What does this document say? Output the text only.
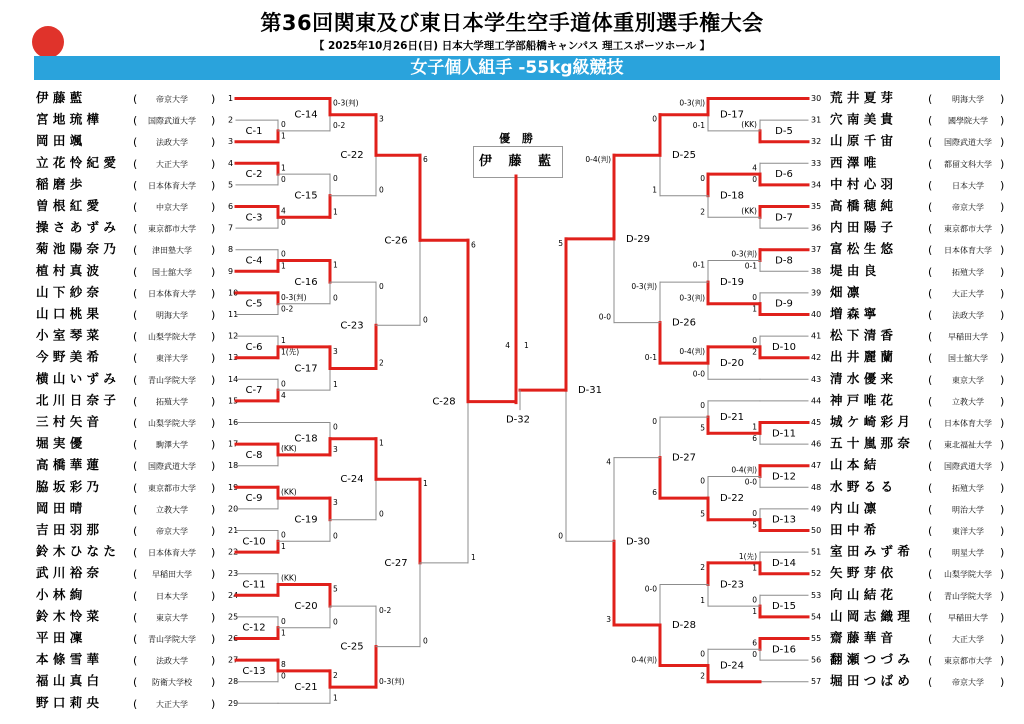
第36回関東及び東日本学生空手道体重別選手権大会
【 2025年10月26日(日) 日本大学理工学部船橋キャンパス 理工スポーツホール 】
女子個人組手 -55kg級競技
優 勝
伊 藤 藍
伊 藤 藍	( 帝京大学 ) 1
宮 地 琉 樺	( 国際武道大学 ) 2
岡 田 颯	( 法政大学 ) 3
立 花 怜 紀 愛 ( 大正大学 ) 4
稲 磨 歩	( 日本体育大学 ) 5
曽 根 紅 愛	( 中京大学 ) 6
操 さ あ ず み ( 東京都市大学 ) 7
菊 池 陽 奈 乃 ( 津田塾大学 ) 8
植 村 真 波	( 国士舘大学 ) 9
山 下 紗 奈	( 日本体育大学 ) 10
山 口 桃 果	( 明海大学 ) 11
小 室 琴 菜	( 山梨学院大学 ) 12
今 野 美 希	( 東洋大学 ) 13
横 山 い ず み ( 青山学院大学 ) 14
北 川 日 奈 子 ( 拓殖大学 ) 15
三 村 矢 音	( 山梨学院大学 ) 16
堀 実 優	( 駒澤大学 ) 17
高 橋 華 蓮	( 国際武道大学 ) 18
脇 坂 彩 乃	( 東京都市大学 ) 19
岡 田 晴	( 立教大学 ) 20
吉 田 羽 那	( 帝京大学 ) 21
鈴 木 ひ な た ( 日本体育大学 ) 22
武 川 裕 奈	( 早稲田大学 ) 23
小 林 絢	( 日本大学 ) 24
鈴 木 怜 菜	( 東京大学 ) 25
平 田 凜	( 青山学院大学 ) 26
本 條 雪 華	( 法政大学 ) 27
福 山 真 白	( 防衛大学校 ) 28
野 口 莉 央	( 大正大学 ) 29
30 荒 井 夏 芽	( 明海大学 )
31 穴 南 美 貴	( 國學院大学 )
32 山 原 千 宙	( 国際武道大学 )
33 西 澤 唯	( 都留文科大学 )
34 中 村 心 羽	( 日本大学 )
35 高 橋 穂 純	( 帝京大学 )
36 内 田 陽 子	( 東京都市大学 )
37 富 松 生 悠	( 日本体育大学 )
38 堤 由 良	( 拓殖大学 )
39 畑 凛	( 大正大学 )
40 増 森 寧	( 法政大学 )
41 松 下 清 香	( 早稲田大学 )
42 出 井 麗 蘭	( 国士舘大学 )
43 清 水 優 来	( 東京大学 )
44 神 戸 唯 花	( 立教大学 )
45 城 ケ 崎 彩 月 ( 日本体育大学 )
46 五 十 嵐 那 奈 ( 東北福祉大学 )
47 山 本 結	( 国際武道大学 )
48 水 野 る る	( 拓殖大学 )
49 内 山 凛	( 明治大学 )
50 田 中 希	( 東洋大学 )
51 室 田 み ず 希 ( 明星大学 )
52 矢 野 芽 依	( 山梨学院大学 )
53 向 山 結 花	( 青山学院大学 )
54 山 岡 志 織 理 ( 早稲田大学 )
55 齋 藤 華 音	( 大正大学 )
56 翻 瀬 つ づ み ( 東京都市大学 )
57 堀 田 つ ば め ( 帝京大学 )
C-1
0
1
C-2
1
0
C-3
4
0
C-4
0
1
C-5
0-3(判)
0-2
C-6
1
1(先)
C-7
0
4
C-8
(KK)
C-9
(KK)
C-10
0
1
C-11
(KK)
C-12
0
1
C-13
8
0
C-14
0-3(判)
0-2
C-15
0
1
C-16
1
0
C-17
3
1
C-18
0
3
C-19
3
0
C-20
5
0
C-21
2
1
C-22
3
0
C-23
0
2
C-24
1
0
C-25
0-2
0-3(判)
C-26
6
0
C-27
1
0
C-28
6
1
D-5
(KK)
D-6
4
0
D-7
(KK)
D-8
0-3(判)
0-1
D-9
0
1
D-10
0
2
D-11
1
6
D-12
0-4(判)
0-0
D-13
0
5
D-14
1(先)
1
D-15
0
1
D-16
6
0
D-17
0-3(判)
0-1
D-18
0
2
D-19
0-1
0-3(判)
D-20
0-4(判)
0-0
D-21
0
5
D-22
0
5
D-23
2
1
D-24
0
2
D-25
0
1
D-26
0-3(判)
0-1
D-27
0
6
D-28
0-0
0-4(判)
D-29
0-4(判)
0-0
D-30
4
3
D-31
5
0
D-32
4 1
